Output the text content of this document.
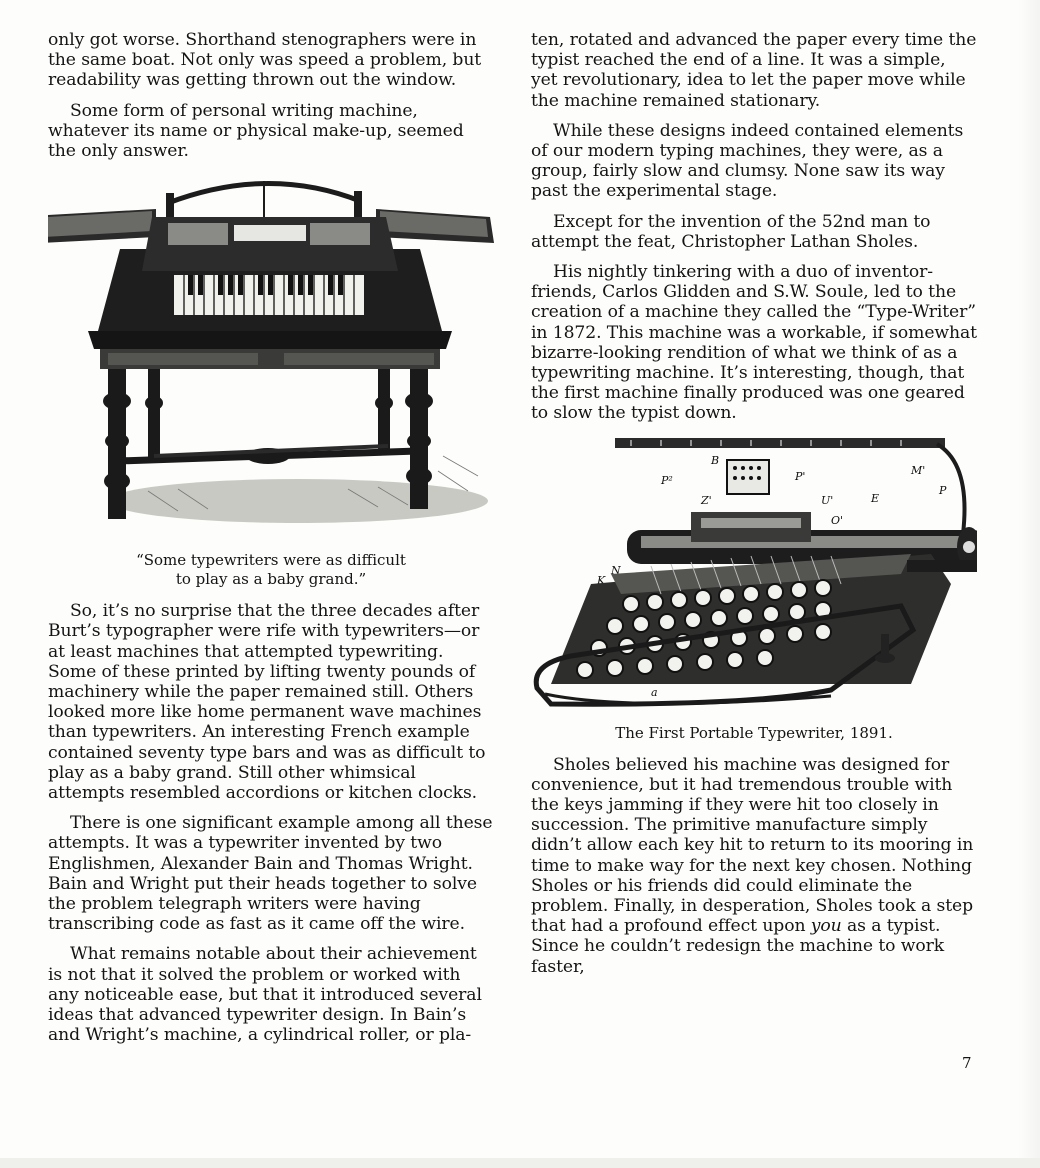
only got worse. Shorthand stenographers were in the same boat. Not only was speed a problem, but readability was getting thrown out the window.

Some form of personal writing machine, whatever its name or physical make-up, seemed the only answer.

“Some typewriters were as difficult
to play as a baby grand.”

So, it’s no surprise that the three decades after Burt’s typographer were rife with typewriters—or at least machines that attempted typewriting. Some of these printed by lifting twenty pounds of machinery while the paper remained still. Others looked more like home permanent wave machines than typewriters. An interesting French example contained seventy type bars and was as difficult to play as a baby grand. Still other whimsical attempts resembled accordions or kitchen clocks.

There is one significant example among all these attempts. It was a typewriter invented by two Englishmen, Alexander Bain and Thomas Wright. Bain and Wright put their heads together to solve the problem telegraph writers were having transcribing code as fast as it came off the wire.

What remains notable about their achievement is not that it solved the problem or worked with any noticeable ease, but that it introduced several ideas that advanced typewriter design. In Bain’s and Wright’s machine, a cylindrical roller, or pla-

ten, rotated and advanced the paper every time the typist reached the end of a line. It was a simple, yet revolutionary, idea to let the paper move while the machine remained stationary.

While these designs indeed contained elements of our modern typing machines, they were, as a group, fairly slow and clumsy. None saw its way past the experimental stage.

Except for the invention of the 52nd man to attempt the feat, Christopher Lathan Sholes.

His nightly tinkering with a duo of inventor-friends, Carlos Glidden and S.W. Soule, led to the creation of a machine they called the “Type-Writer” in 1872. This machine was a workable, if somewhat bizarre-looking rendition of what we think of as a typewriting machine. It’s interesting, though, that the first machine finally produced was one geared to slow the typist down.

P²
Z'
B
P'
U'
O'
E
M'
P
N
K
a
The First Portable Typewriter, 1891.

Sholes believed his machine was designed for convenience, but it had tremendous trouble with the keys jamming if they were hit too closely in succession. The primitive manufacture simply didn’t allow each key hit to return to its mooring in time to make way for the next key chosen. Nothing Sholes or his friends did could eliminate the problem. Finally, in desperation, Sholes took a step that had a profound effect upon you as a typist. Since he couldn’t redesign the machine to work faster,

7
